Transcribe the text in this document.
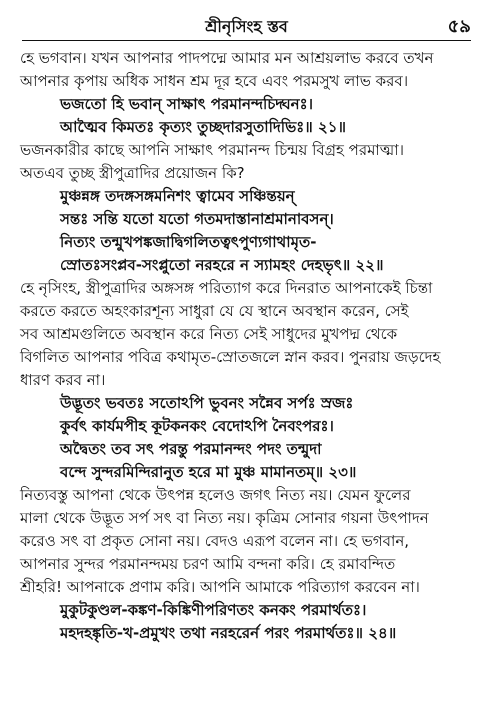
শ্রীনৃসিংহ স্তব	৫৯
হে ভগবান। যখন আপনার পাদপদ্মে আমার মন আশ্রয়লাভ করবে তখন
আপনার কৃপায় অধিক সাধন শ্রম দূর হবে এবং পরমসুখ লাভ করব।
ভজতো হি ভবান্ সাক্ষাৎ পরমানন্দচিদ্ঘনঃ।
আত্মৈব কিমতঃ কৃত্যং তুচ্ছদারসুতাদিভিঃ॥ ২১॥
ভজনকারীর কাছে আপনি সাক্ষাৎ পরমানন্দ চিন্ময় বিগ্রহ পরমাত্মা।
অতএব তুচ্ছ স্ত্রীপুত্রাদির প্রয়োজন কি?
মুঞ্চন্নঙ্গ তদঙ্গসঙ্গমনিশং ত্বামেব সঞ্চিন্তয়ন্
সন্তঃ সন্তি যতো যতো গতমদাস্তানাশ্রমানাবসন্।
নিত্যং তন্মুখপঙ্কজাদ্বিগলিতত্বৎপুণ্যগাথামৃত-
স্রোতঃসংপ্লব-সংপ্লুতো নরহরে ন স্যামহং দেহভৃৎ॥ ২২॥
হে নৃসিংহ, স্ত্রীপুত্রাদির অঙ্গসঙ্গ পরিত্যাগ করে দিনরাত আপনাকেই চিন্তা
করতে করতে অহংকারশূন্য সাধুরা যে যে স্থানে অবস্থান করেন, সেই
সব আশ্রমগুলিতে অবস্থান করে নিত্য সেই সাধুদের মুখপদ্ম থেকে
বিগলিত আপনার পবিত্র কথামৃত-স্রোতজলে স্নান করব। পুনরায় জড়দেহ
ধারণ করব না।
উদ্ভূতং ভবতঃ সতোঽপি ভুবনং সন্নৈব সর্পঃ স্রজঃ
কুর্বৎ কার্যমপীহ কূটকনকং বেদোঽপি নৈবংপরঃ।
অদ্বৈতং তব সৎ পরন্তু পরমানন্দং পদং তন্মুদা
বন্দে সুন্দরমিন্দিরানুত হরে মা মুঞ্চ মামানতম্॥ ২৩॥
নিত্যবস্তু আপনা থেকে উৎপন্ন হলেও জগৎ নিত্য নয়। যেমন ফুলের
মালা থেকে উদ্ভূত সর্প সৎ বা নিত্য নয়। কৃত্রিম সোনার গয়না উৎপাদন
করেও সৎ বা প্রকৃত সোনা নয়। বেদও এরূপ বলেন না। হে ভগবান,
আপনার সুন্দর পরমানন্দময় চরণ আমি বন্দনা করি। হে রমাবন্দিত
শ্রীহরি! আপনাকে প্রণাম করি। আপনি আমাকে পরিত্যাগ করবেন না।
মুকুটকুণ্ডল-কঙ্কণ-কিঙ্কিণীপরিণতং কনকং পরমার্থতঃ।
মহদহঙ্কৃতি-খ-প্রমুখং তথা নরহরের্ন পরং পরমার্থতঃ॥ ২৪॥
